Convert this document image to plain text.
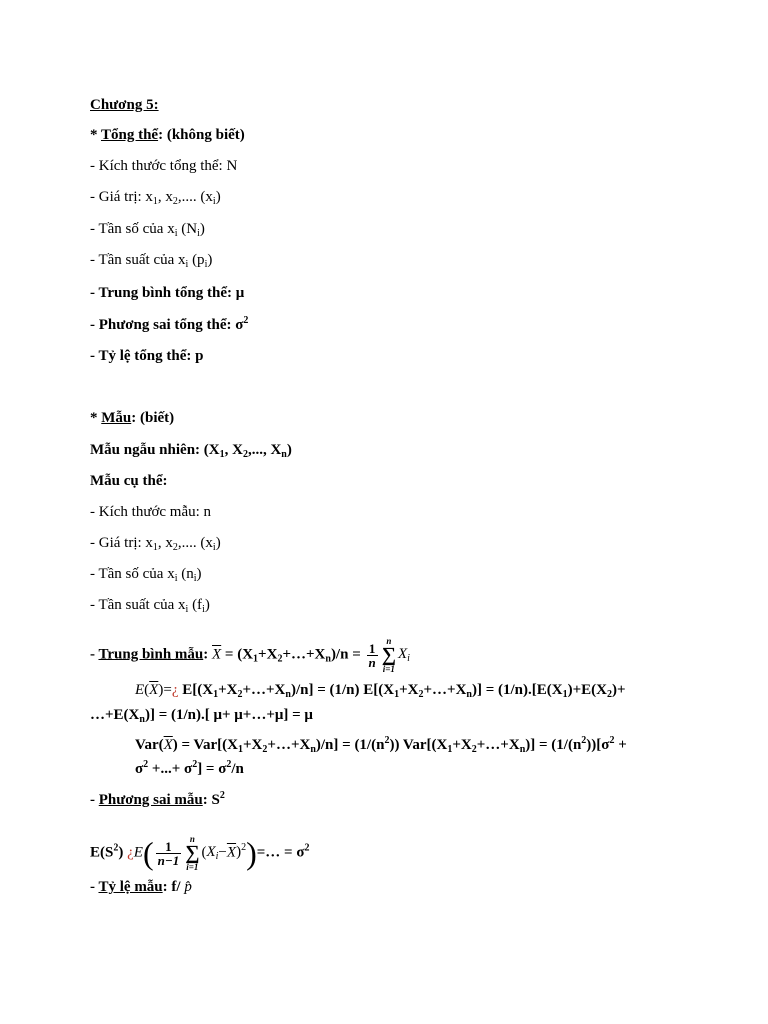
Chương 5:
* Tổng thể: (không biết)
- Kích thước tổng thể: N
- Giá trị: $x_1$, $x_2$,.... $(x_i)$
- Tần số của $x_i$ $(N_i)$
- Tần suất của $x_i$ $(p_i)$
- Trung bình tổng thể: μ
- Phương sai tổng thể: $\sigma^2$
- Tỷ lệ tổng thể: p
* Mẫu: (biết)
Mẫu ngẫu nhiên: ($X_1$, $X_2$,..., $X_n$)
Mẫu cụ thể:
- Kích thước mẫu: n
- Giá trị: $x_1$, $x_2$,.... $(x_i)$
- Tần số của $x_i$ $(n_i)$
- Tần suất của $x_i$ $(f_i)$
- Trung bình mẫu: $\overline{X}$ = $(X_1+X_2+\dots+X_n)/n = \frac{1}{n}$
n
∑
i=1
$X_i$
$E(\overline{X})=¿$ $E[(X_1+X_2+\dots+X_n)/n] = (1/n)$ $E[(X_1+X_2+\dots+X_n)] = (1/n).[E(X_1)+E(X_2)+$
$\dots+E(X_n)] = (1/n)$.[ μ+ μ+…+μ] = μ
$Var(\overline{X})$ = $Var[(X_1+X_2+\dots+X_n)/n] = (1/(n^2))$ $Var[(X_1+X_2+\dots+X_n)] = (1/(n^2))[\sigma^2$ +
$\sigma^2$ +...+ $\sigma^2] = \sigma^2/n$
- Phương sai mẫu: $S^2$
$E(S^2)$ ¿$E( \frac{1}{n-1}$
n
∑
i=1
$(X_i-\overline{X})^2)=\dots = \sigma^2$
- Tỷ lệ mẫu: f/ p̂
